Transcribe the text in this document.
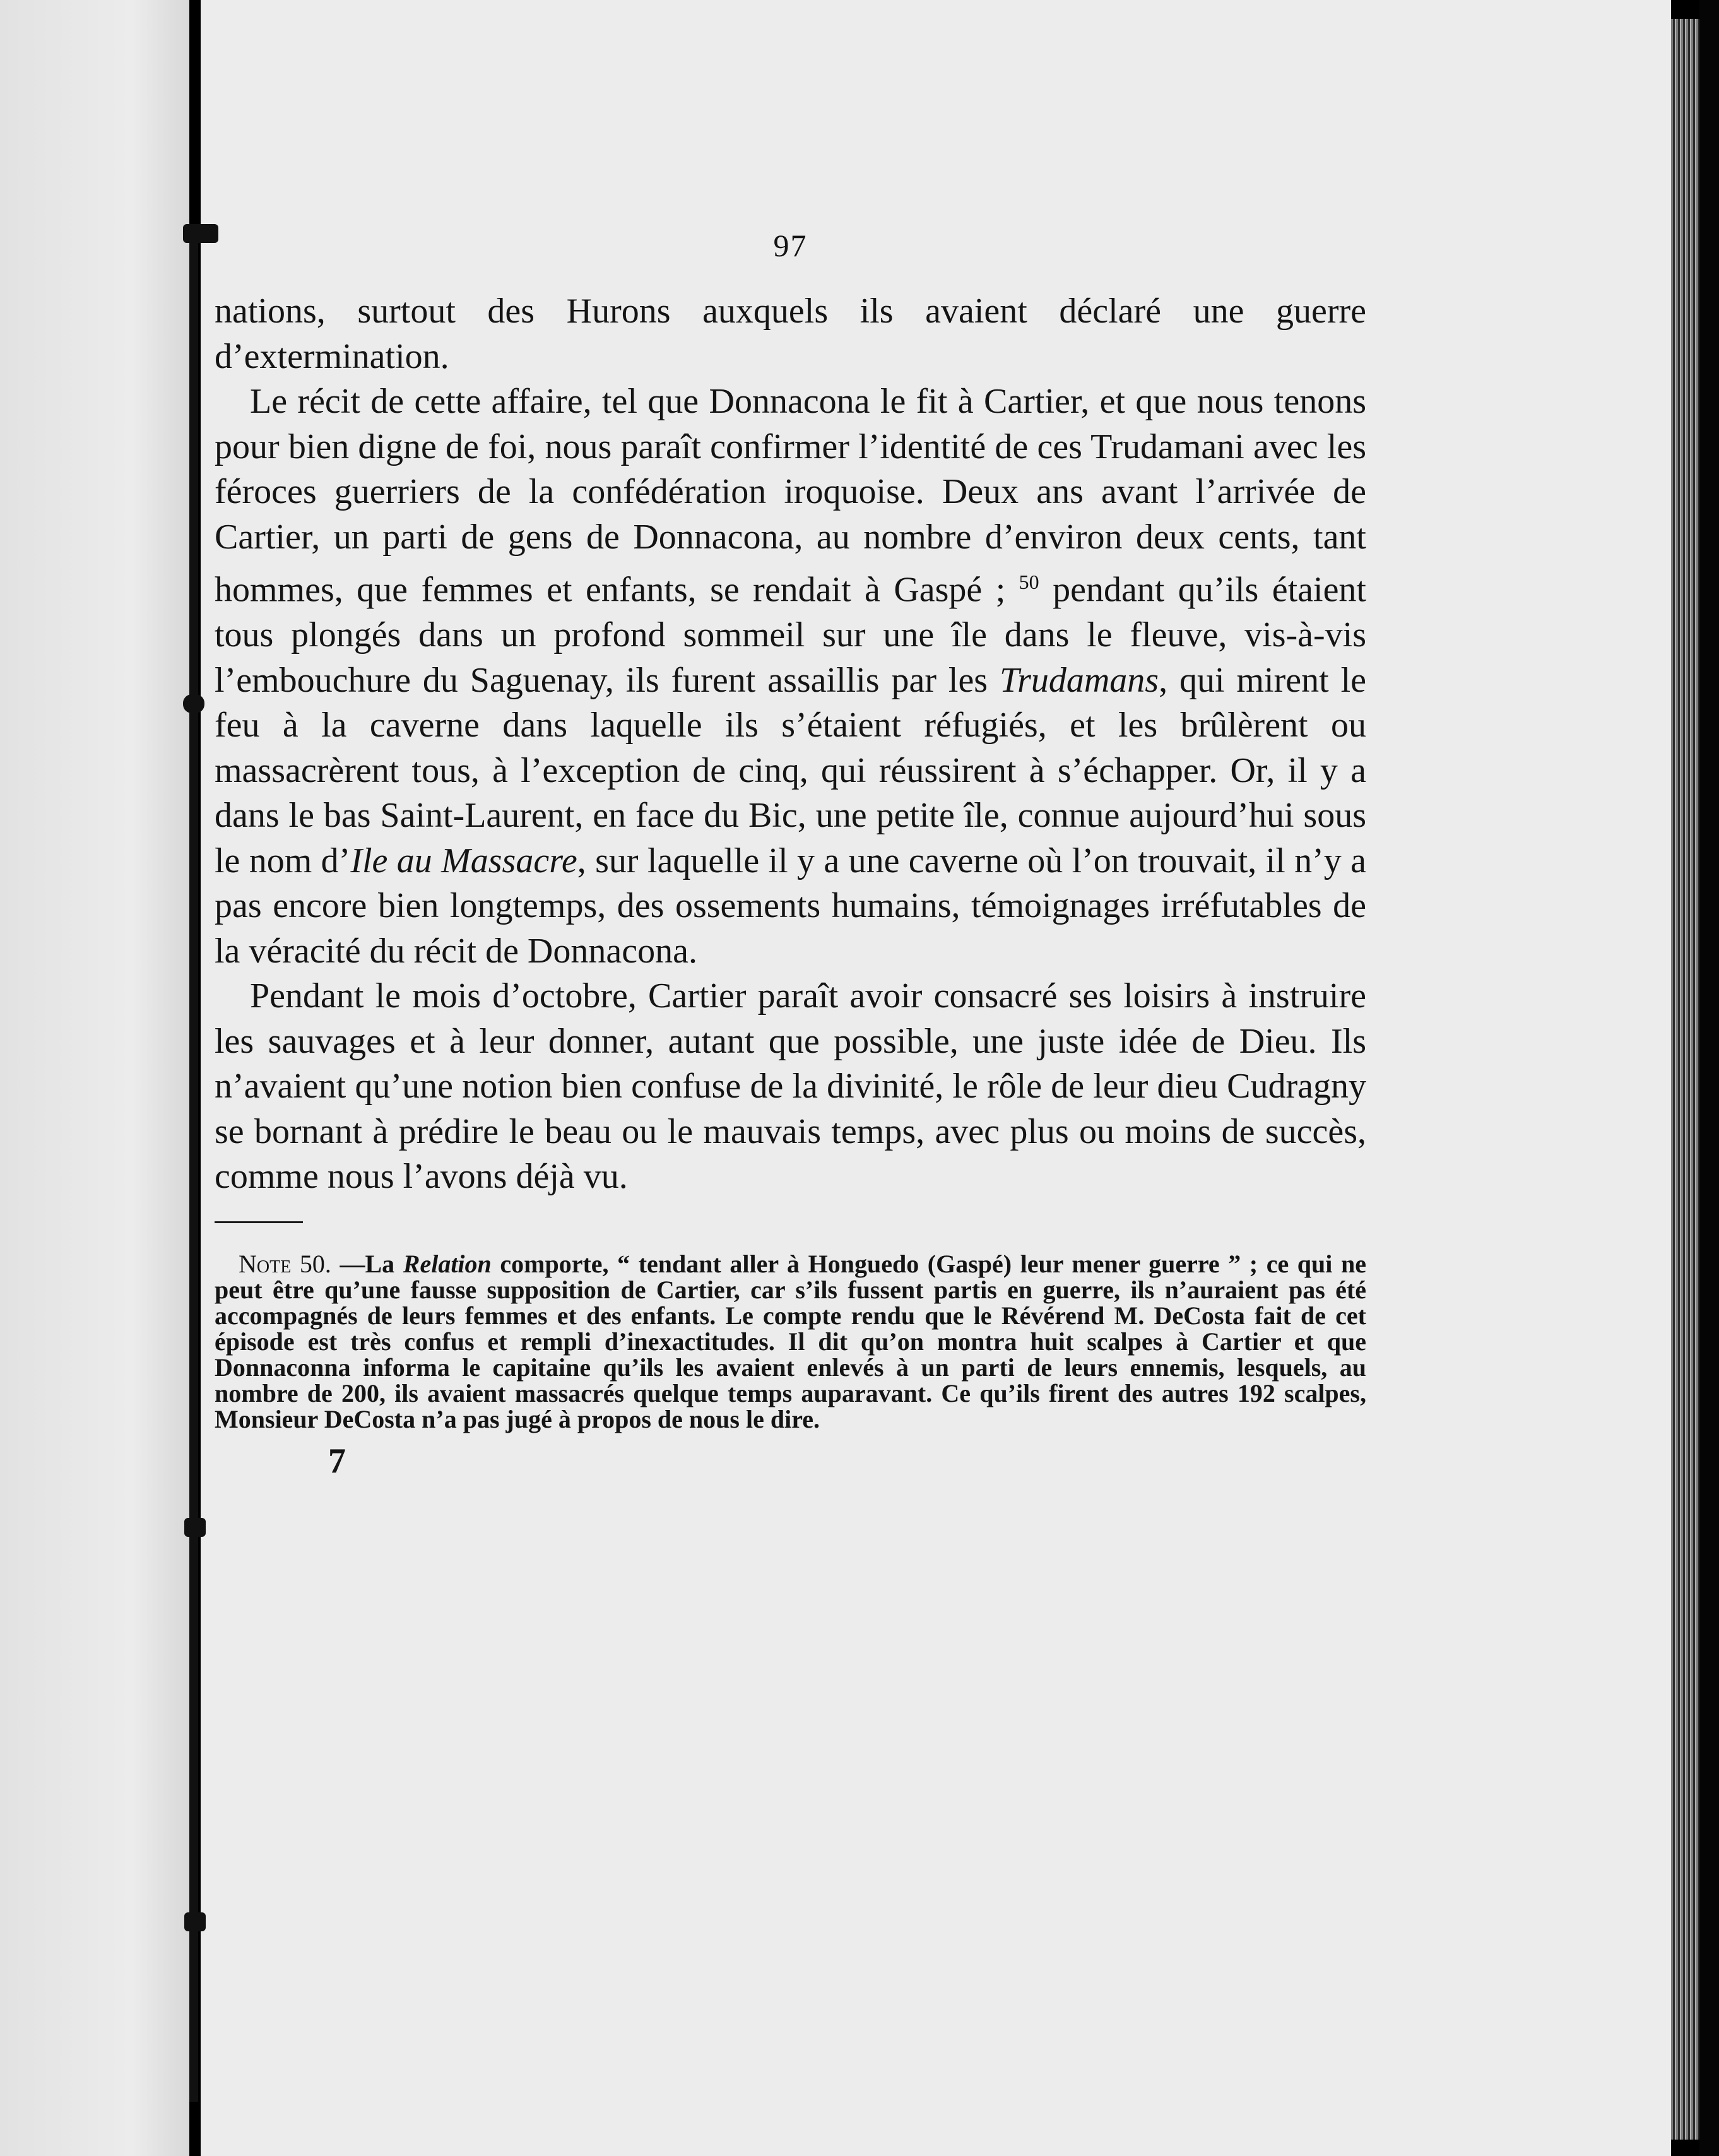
97

nations, surtout des Hurons auxquels ils avaient déclaré une guerre d’extermination.

Le récit de cette affaire, tel que Donnacona le fit à Cartier, et que nous tenons pour bien digne de foi, nous paraît confirmer l’identité de ces Trudamani avec les féroces guerriers de la confédération iroquoise. Deux ans avant l’arrivée de Cartier, un parti de gens de Donnacona, au nombre d’environ deux cents, tant hommes, que femmes et enfants, se rendait à Gaspé ; $^{50}$ pendant qu’ils étaient tous plongés dans un profond sommeil sur une île dans le fleuve, vis-à-vis l’embouchure du Saguenay, ils furent assaillis par les Trudamans, qui mirent le feu à la caverne dans laquelle ils s’étaient réfugiés, et les brûlèrent ou massacrèrent tous, à l’exception de cinq, qui réussirent à s’échapper. Or, il y a dans le bas Saint-Laurent, en face du Bic, une petite île, connue aujourd’hui sous le nom d’Ile au Massacre, sur laquelle il y a une caverne où l’on trouvait, il n’y a pas encore bien longtemps, des ossements humains, témoignages irréfutables de la véracité du récit de Donnacona.

Pendant le mois d’octobre, Cartier paraît avoir consacré ses loisirs à instruire les sauvages et à leur donner, autant que possible, une juste idée de Dieu. Ils n’avaient qu’une notion bien confuse de la divinité, le rôle de leur dieu Cudragny se bornant à prédire le beau ou le mauvais temps, avec plus ou moins de succès, comme nous l’avons déjà vu.

Note 50. —La Relation comporte, “ tendant aller à Honguedo (Gaspé) leur mener guerre ” ; ce qui ne peut être qu’une fausse supposition de Cartier, car s’ils fussent partis en guerre, ils n’auraient pas été accompagnés de leurs femmes et des enfants. Le compte rendu que le Révérend M. DeCosta fait de cet épisode est très confus et rempli d’inexactitudes. Il dit qu’on montra huit scalpes à Cartier et que Donnaconna informa le capitaine qu’ils les avaient enlevés à un parti de leurs ennemis, lesquels, au nombre de 200, ils avaient massacrés quelque temps auparavant. Ce qu’ils firent des autres 192 scalpes, Monsieur DeCosta n’a pas jugé à propos de nous le dire.
7
